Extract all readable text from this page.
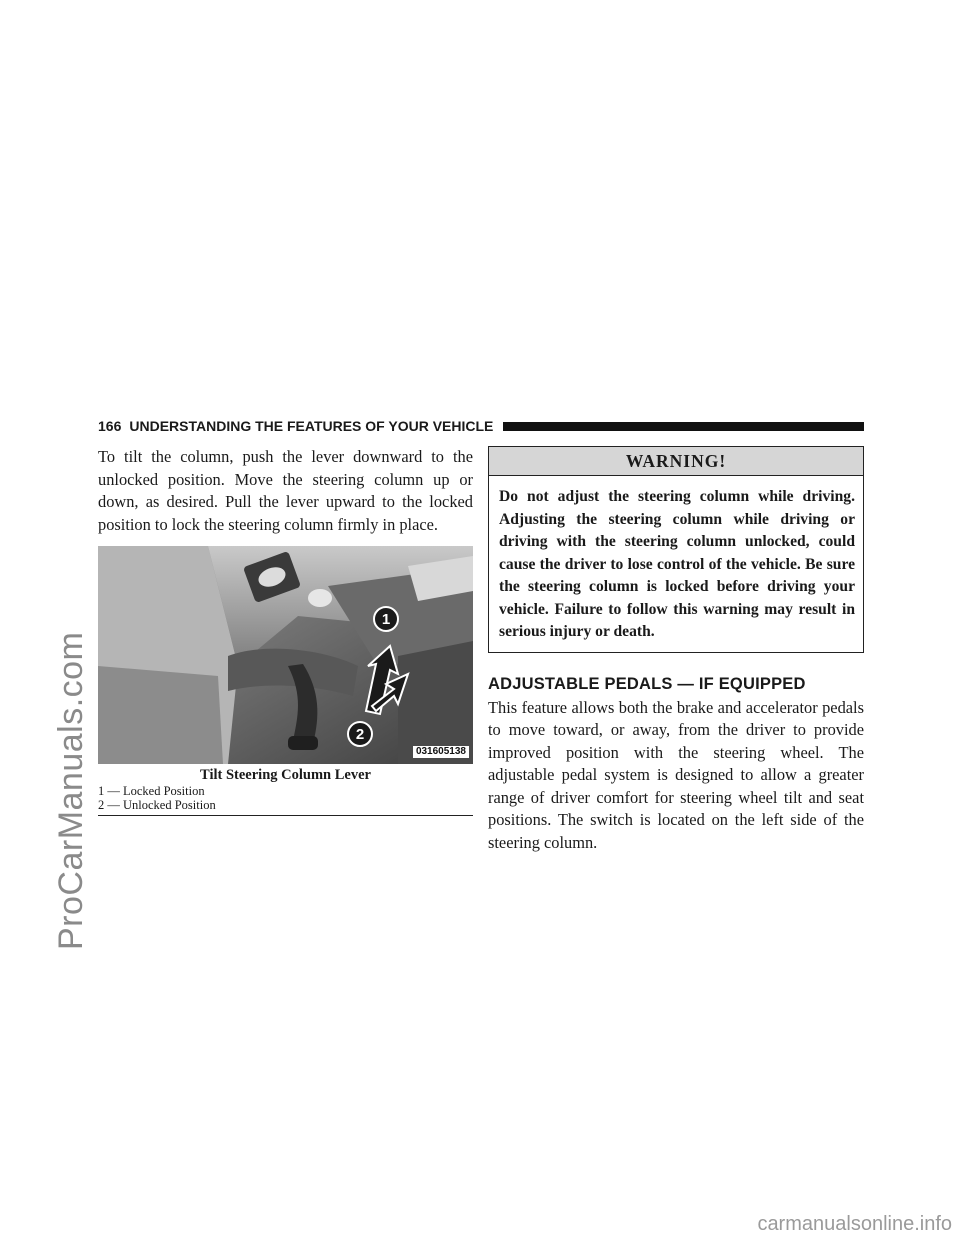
ProCarManuals.com
166 UNDERSTANDING THE FEATURES OF YOUR VEHICLE

To tilt the column, push the lever downward to the unlocked position. Move the steering column up or down, as desired. Pull the lever upward to the locked position to lock the steering column firmly in place.

1
2
031605138
Tilt Steering Column Lever
1 — Locked Position
2 — Unlocked Position
WARNING!
Do not adjust the steering column while driving. Adjusting the steering column while driving or driving with the steering column unlocked, could cause the driver to lose control of the vehicle. Be sure the steering column is locked before driving your vehicle. Failure to follow this warning may result in serious injury or death.
ADJUSTABLE PEDALS — IF EQUIPPED

This feature allows both the brake and accelerator pedals to move toward, or away, from the driver to provide improved position with the steering wheel. The adjustable pedal system is designed to allow a greater range of driver comfort for steering wheel tilt and seat positions. The switch is located on the left side of the steering column.

carmanualsonline.info
